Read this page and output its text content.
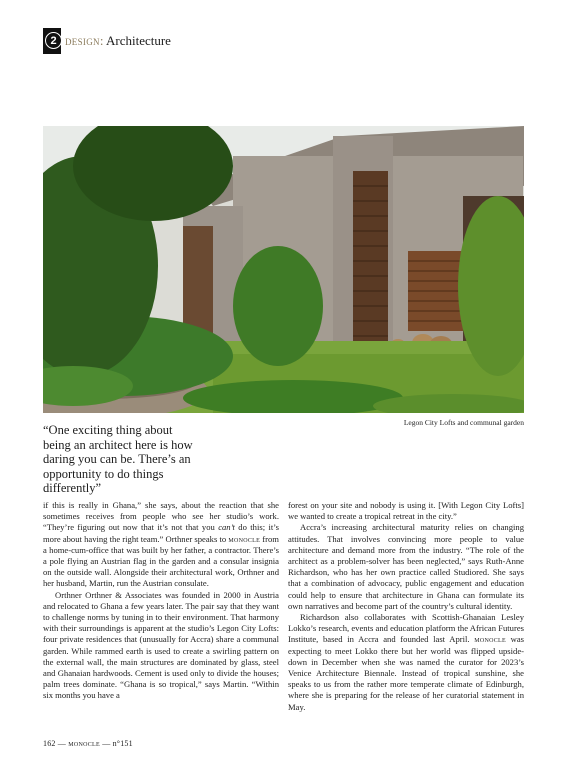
2 design: Architecture
Legon City Lofts and communal garden
“One exciting thing about being an architect here is how daring you can be. There’s an opportunity to do things differently”

if this is really in Ghana,” she says, about the reaction that she sometimes receives from people who see her studio’s work. “They’re figuring out now that it’s not that you can’t do this; it’s more about having the right team.” Orthner speaks to monocle from a home-cum-office that was built by her father, a contractor. There’s a pole flying an Austrian flag in the garden and a consular insignia on the outside wall. Alongside their architectural work, Orthner and her husband, Martin, run the Austrian consulate.

Orthner Orthner & Associates was founded in 2000 in Austria and relocated to Ghana a few years later. The pair say that they want to challenge norms by tuning in to their environment. That harmony with their surroundings is apparent at the studio’s Legon City Lofts: four private residences that (unusually for Accra) share a communal garden. While rammed earth is used to create a swirling pattern on the external wall, the main structures are dominated by glass, steel and Ghanaian hardwoods. Cement is used only to divide the houses; palm trees dominate. “Ghana is so tropical,” says Martin. “Within six months you have a

forest on your site and nobody is using it. [With Legon City Lofts] we wanted to create a tropical retreat in the city.”

Accra’s increasing architectural maturity relies on changing attitudes. That involves convincing more people to value architecture and demand more from the industry. “The role of the architect as a problem-solver has been neglected,” says Ruth-Anne Richardson, who has her own practice called Studiored. She says that a combination of advocacy, public engagement and education could help to ensure that architecture in Ghana can formulate its own narratives and become part of the country’s cultural identity.

Richardson also collaborates with Scottish-Ghanaian Lesley Lokko’s research, events and education platform the African Futures Institute, based in Accra and founded last April. monocle was expecting to meet Lokko there but her world was flipped upside-down in December when she was named the curator for 2023’s Venice Architecture Biennale. Instead of tropical sunshine, she speaks to us from the rather more temperate climate of Edinburgh, where she is preparing for the release of her curatorial statement in May.

162 — monocle — n°151
